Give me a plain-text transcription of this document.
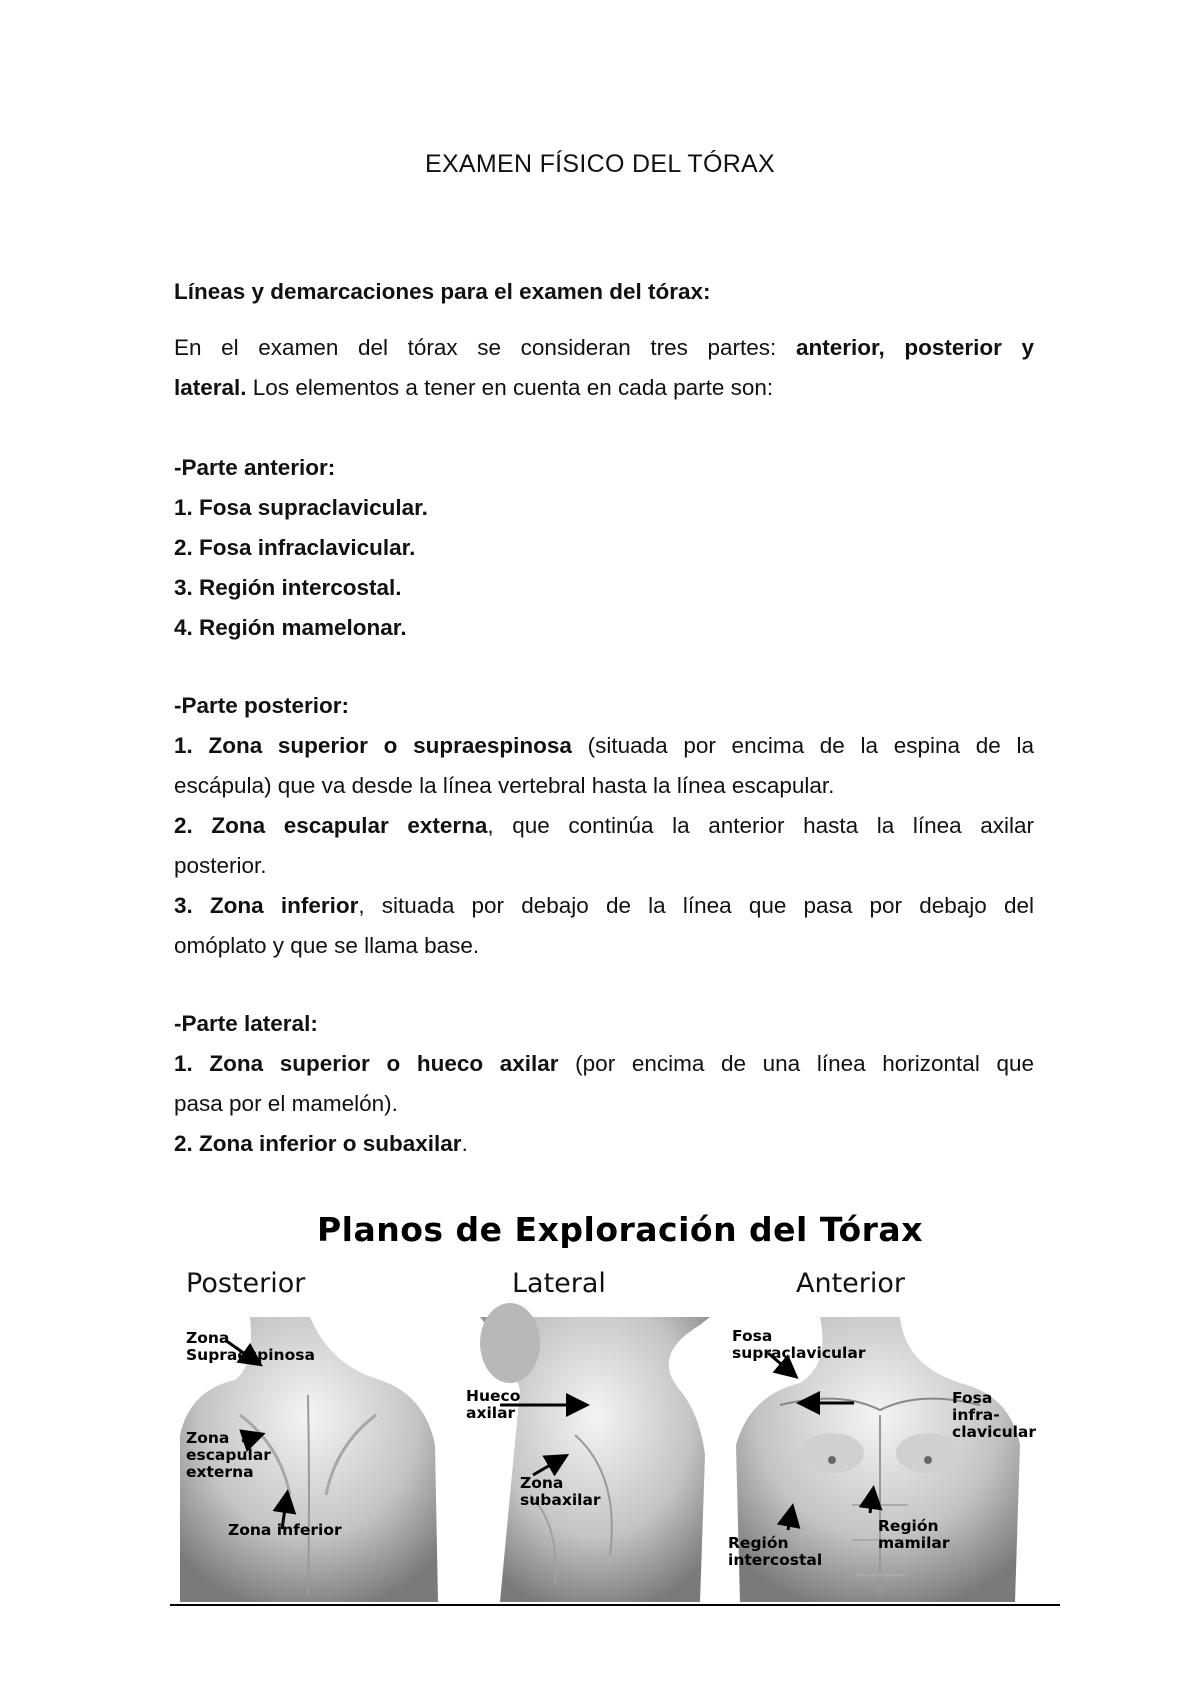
EXAMEN FÍSICO DEL TÓRAX
Líneas y demarcaciones para el examen del tórax:
En el examen del tórax se consideran tres partes: anterior, posterior y
lateral. Los elementos a tener en cuenta en cada parte son:
-Parte anterior:
1. Fosa supraclavicular.
2. Fosa infraclavicular.
3. Región intercostal.
4. Región mamelonar.
-Parte posterior:
1. Zona superior o supraespinosa (situada por encima de la espina de la
escápula) que va desde la línea vertebral hasta la línea escapular.
2. Zona escapular externa, que continúa la anterior hasta la línea axilar
posterior.
3. Zona inferior, situada por debajo de la línea que pasa por debajo del
omóplato y que se llama base.
-Parte lateral:
1. Zona superior o hueco axilar (por encima de una línea horizontal que
pasa por el mamelón).
2. Zona inferior o subaxilar.
Planos de Exploración del Tórax
Posterior	Lateral	Anterior
Zona
Supraespinosa
Zona
escapular
externa
Zona inferior
Hueco
axilar
Zona
subaxilar
Fosa
supraclavicular
Fosa
infra-
clavicular
Región
intercostal
Región
mamilar
